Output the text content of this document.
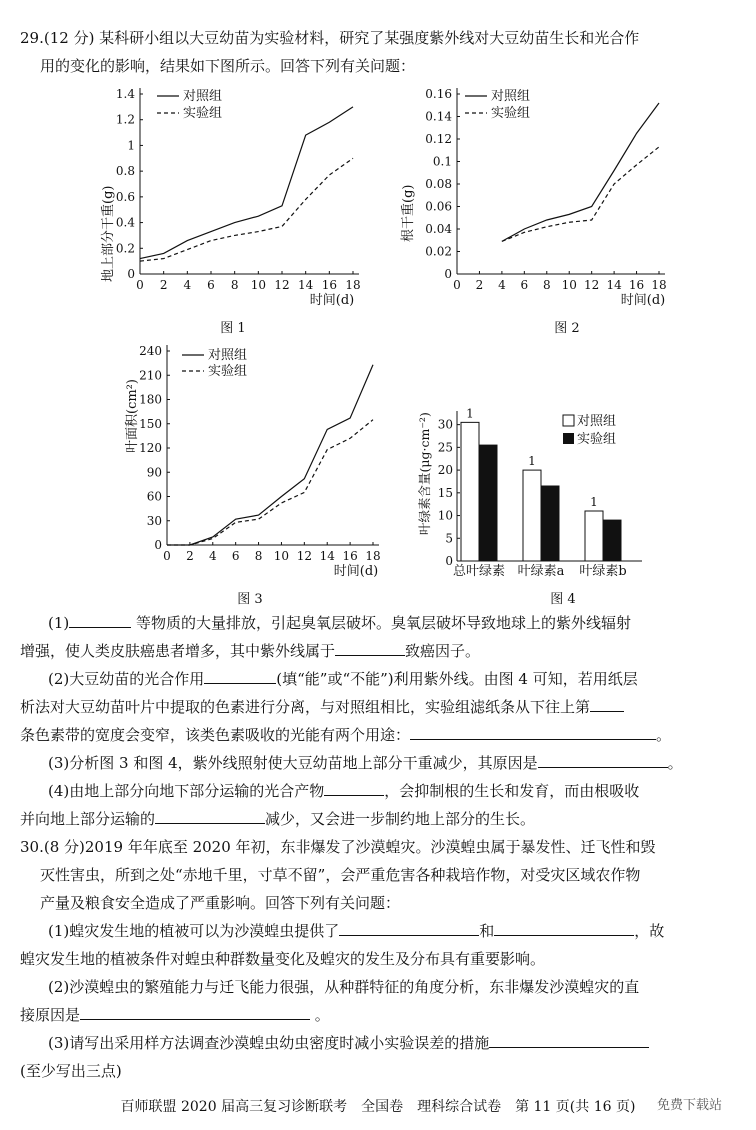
29.(12 分) 某科研小组以大豆幼苗为实验材料，研究了某强度紫外线对大豆幼苗生长和光合作
用的变化的影响，结果如下图所示。回答下列有关问题：
0 2 4 6 8 10 12 14 16 18
0
0.2
0.4
0.6
0.8
1
1.2
1.4
地上部分干重(g)
时间(d)
图 1
对照组
实验组
0 2 4 6 8 10 12 14 16 18
0
0.02
0.04
0.06
0.08
0.1
0.12
0.14
0.16
根干重(g)
时间(d)
图 2
对照组
实验组
0 2 4 6 8 10 12 14 16 18
0
30
60
90
120
150
180
210
240
叶面积(cm²)
时间(d)
图 3
对照组
实验组
0
5
10
15
20
25
30
1
总叶绿素
1
叶绿素a
1
叶绿素b
叶绿素含量(μg·cm⁻²)
图 4
对照组
实验组
(1)	等物质的大量排放，引起臭氧层破坏。臭氧层破坏导致地球上的紫外线辐射
增强，使人类皮肤癌患者增多，其中紫外线属于	致癌因子。
(2)大豆幼苗的光合作用	(填“能”或“不能”)利用紫外线。由图 4 可知，若用纸层
析法对大豆幼苗叶片中提取的色素进行分离，与对照组相比，实验组滤纸条从下往上第
条色素带的宽度会变窄，该类色素吸收的光能有两个用途：	。
(3)分析图 3 和图 4，紫外线照射使大豆幼苗地上部分干重减少，其原因是	。
(4)由地上部分向地下部分运输的光合产物	，会抑制根的生长和发育，而由根吸收
并向地上部分运输的	减少，又会进一步制约地上部分的生长。
30.(8 分)2019 年年底至 2020 年初，东非爆发了沙漠蝗灾。沙漠蝗虫属于暴发性、迁飞性和毁
灭性害虫，所到之处“赤地千里，寸草不留”，会严重危害各种栽培作物，对受灾区域农作物
产量及粮食安全造成了严重影响。回答下列有关问题：
(1)蝗灾发生地的植被可以为沙漠蝗虫提供了	和	，故
蝗灾发生地的植被条件对蝗虫种群数量变化及蝗灾的发生及分布具有重要影响。
(2)沙漠蝗虫的繁殖能力与迁飞能力很强，从种群特征的角度分析，东非爆发沙漠蝗灾的直
接原因是	。
(3)请写出采用样方法调查沙漠蝗虫幼虫密度时减小实验误差的措施
(至少写出三点)
百师联盟 2020 届高三复习诊断联考　全国卷　理科综合试卷　第 11 页(共 16 页)	免费下载站
